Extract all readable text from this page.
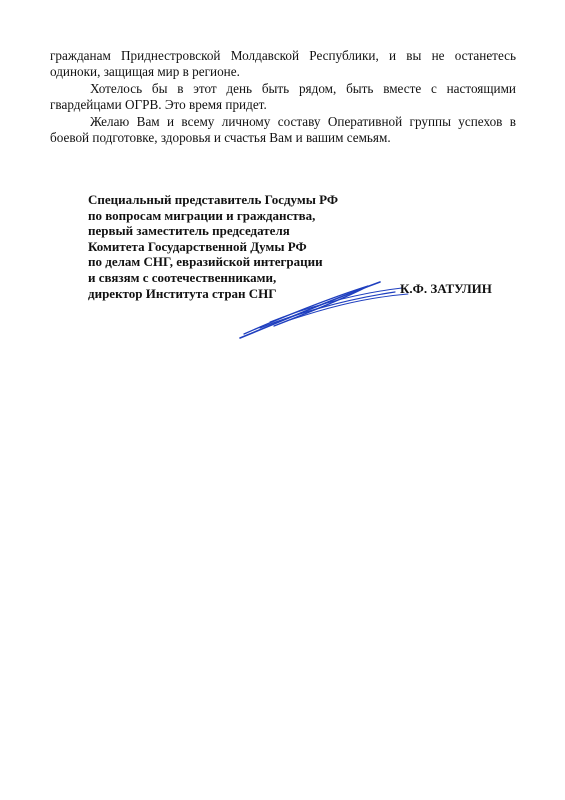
гражданам Приднестровской Молдавской Республики, и вы не останетесь одиноки, защищая мир в регионе.

Хотелось бы в этот день быть рядом, быть вместе с настоящими гвардейцами ОГРВ. Это время придет.

Желаю Вам и всему личному составу Оперативной группы успехов в боевой подготовке, здоровья и счастья Вам и вашим семьям.

Специальный представитель Госдумы РФ
по вопросам миграции и гражданства,
первый заместитель председателя
Комитета Государственной Думы РФ
по делам СНГ, евразийской интеграции
и связям с соотечественниками,
директор Института стран СНГ	К.Ф. ЗАТУЛИН
